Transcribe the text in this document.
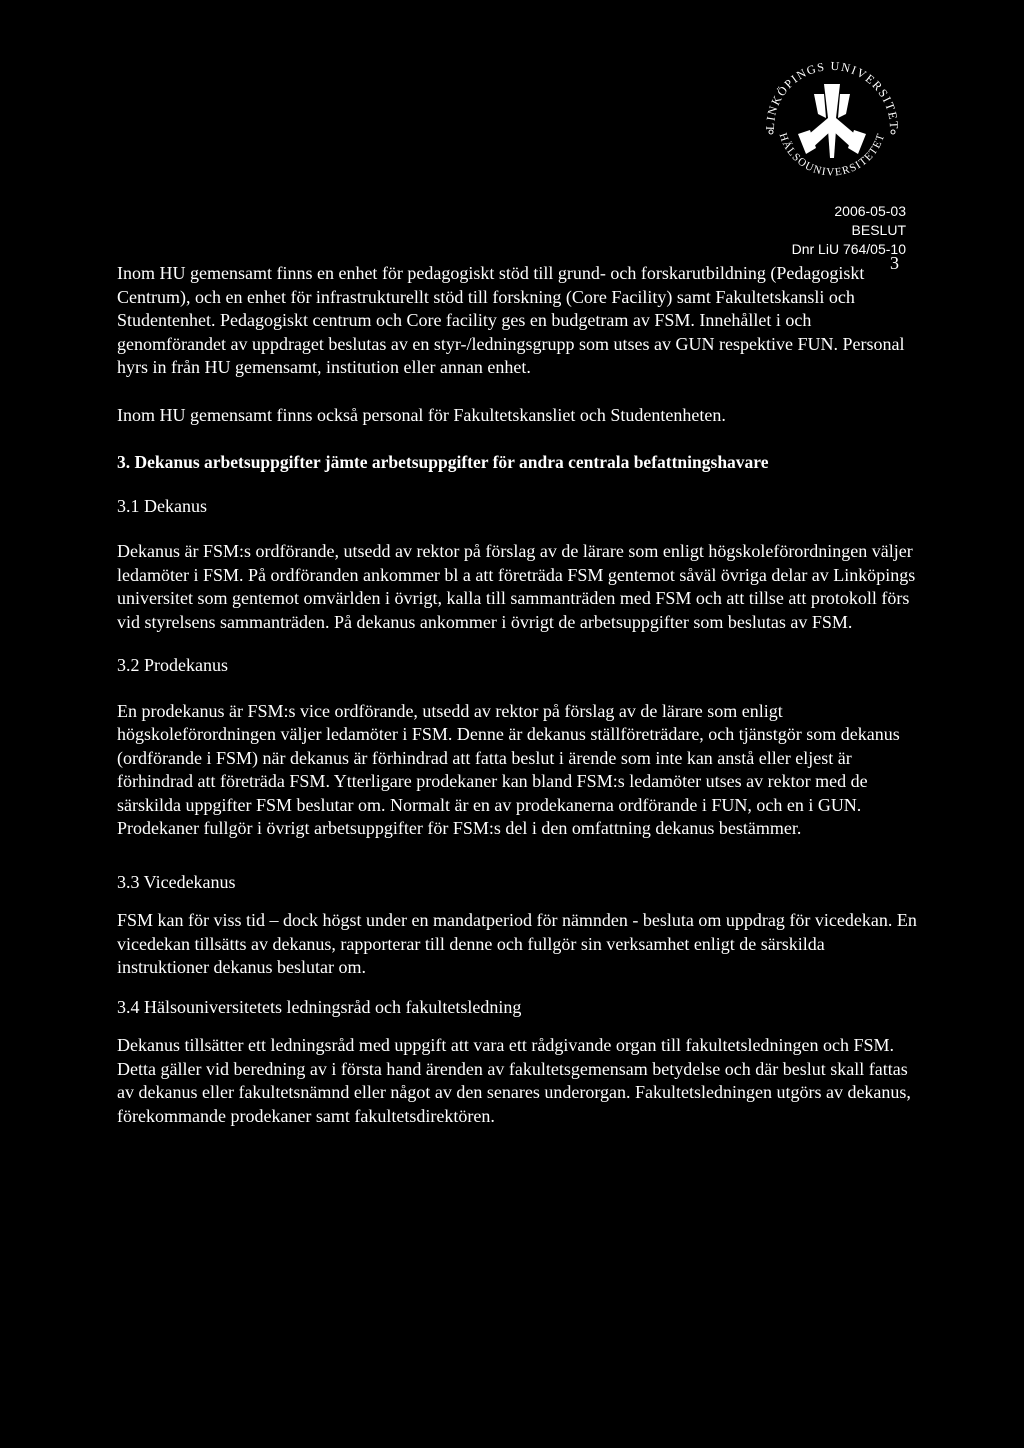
LINKÖPINGS UNIVERSITET
HÄLSOUNIVERSITETET
2006-05-03
BESLUT
Dnr LiU 764/05-10
3

Inom HU gemensamt finns en enhet för pedagogiskt stöd till grund- och forskarutbildning (Pedagogiskt Centrum), och en enhet för infrastrukturellt stöd till forskning (Core Facility) samt Fakultetskansli och Studentenhet. Pedagogiskt centrum och Core facility ges en budgetram av FSM. Innehållet i och genomförandet av uppdraget beslutas av en styr-/ledningsgrupp som utses av GUN respektive FUN. Personal hyrs in från HU gemensamt, institution eller annan enhet.

Inom HU gemensamt finns också personal för Fakultetskansliet och Studentenheten.

3. Dekanus arbetsuppgifter jämte arbetsuppgifter för andra centrala befattningshavare

3.1 Dekanus

Dekanus är FSM:s ordförande, utsedd av rektor på förslag av de lärare som enligt högskoleförordningen väljer ledamöter i FSM. På ordföranden ankommer bl a att företräda FSM gentemot såväl övriga delar av Linköpings universitet som gentemot omvärlden i övrigt, kalla till sammanträden med FSM och att tillse att protokoll förs vid styrelsens sammanträden. På dekanus ankommer i övrigt de arbetsuppgifter som beslutas av FSM.

3.2 Prodekanus

En prodekanus är FSM:s vice ordförande, utsedd av rektor på förslag av de lärare som enligt högskoleförordningen väljer ledamöter i FSM. Denne är dekanus ställföreträdare, och tjänstgör som dekanus (ordförande i FSM) när dekanus är förhindrad att fatta beslut i ärende som inte kan anstå eller eljest är förhindrad att företräda FSM. Ytterligare prodekaner kan bland FSM:s ledamöter utses av rektor med de särskilda uppgifter FSM beslutar om. Normalt är en av prodekanerna ordförande i FUN, och en i GUN. Prodekaner fullgör i övrigt arbetsuppgifter för FSM:s del i den omfattning dekanus bestämmer.

3.3 Vicedekanus

FSM kan för viss tid – dock högst under en mandatperiod för nämnden - besluta om uppdrag för vicedekan. En vicedekan tillsätts av dekanus, rapporterar till denne och fullgör sin verksamhet enligt de särskilda instruktioner dekanus beslutar om.

3.4 Hälsouniversitetets ledningsråd och fakultetsledning

Dekanus tillsätter ett ledningsråd med uppgift att vara ett rådgivande organ till fakultetsledningen och FSM. Detta gäller vid beredning av i första hand ärenden av fakultetsgemensam betydelse och där beslut skall fattas av dekanus eller fakultetsnämnd eller något av den senares underorgan. Fakultetsledningen utgörs av dekanus, förekommande prodekaner samt fakultetsdirektören.
